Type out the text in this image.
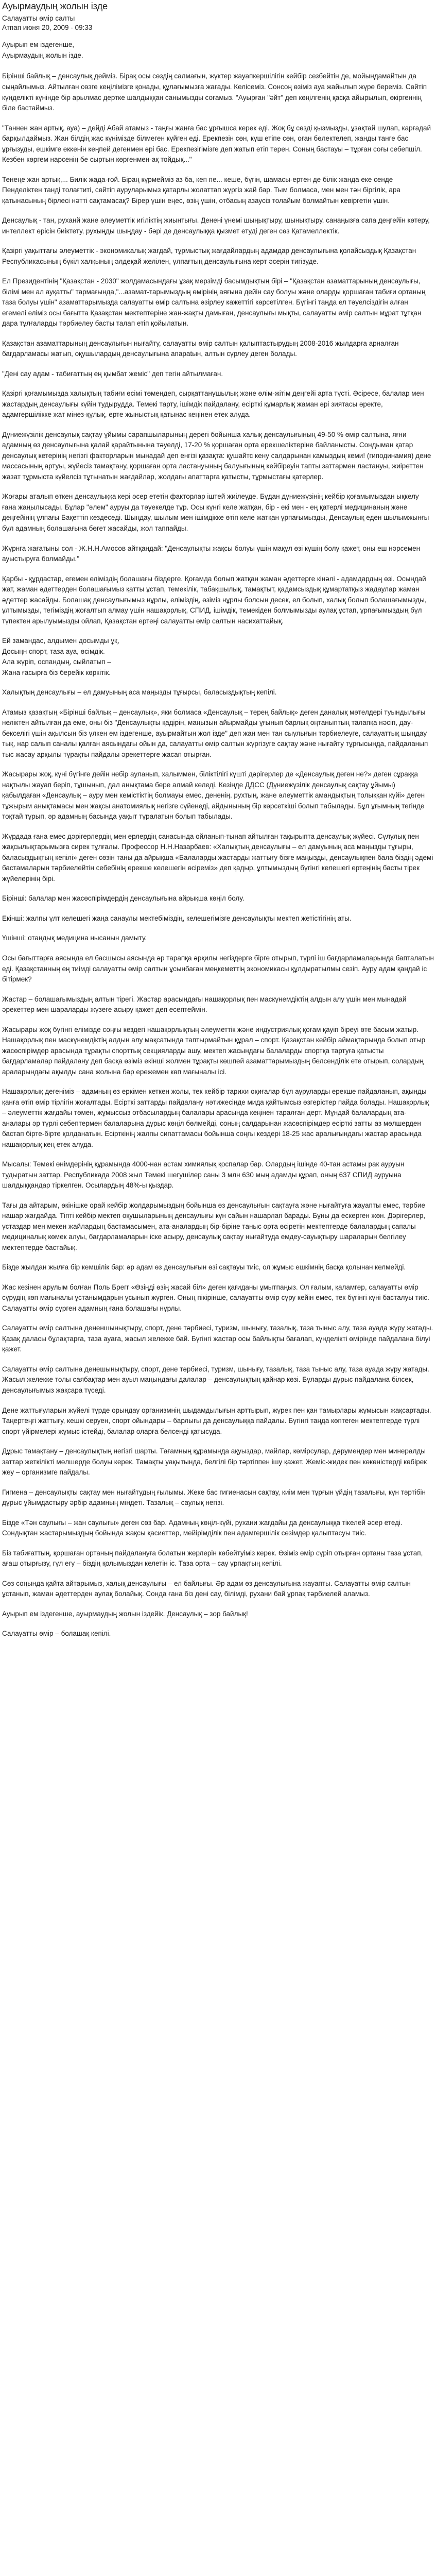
Ауырмаудың жолын ізде
Салауатты өмір салты
Атпап июня 20, 2009 - 09:33
Ауырып ем іздегенше,
Ауырмаудың жолын ізде.

Бірінші байлық – денсаулық дейміз. Бірақ осы сөздің салмағын, жүктер жауапкершілігін кейбір сезбейтін де, мойындамайтын да сыңайлымыз. Айтылған сөзге кеңілімізге қонады, құлағымызға жағады. Келісеміз. Сонсоң өзіміз ауа жайылып жүре береміз. Сөйтіп күнделікті күнінде бір арылмас дертке шалдыққан санымызды соғамыз. "Ауырған "әйт" деп көңілгенің қасқа айырылып, өкіргеннің біле бастаймыз.

"Таннен жан артық, ауа) – дейді Абай атамыз - таңғы жанға бас ұрғышса керек еді. Жоқ бұ сөзді қызмызды, ұзақтай шулап, карғадай барқылдаймыз. Жан білдің жас күнімізде білмеген күйген еді. Ерекпезін сөн, күш етіпе сөн, оған бөлектелеп, жанды танге бас ұрғызуды, ешкімге еккенін кеңпей дегенмен әрі бас. Ерекпезігімізге деп жатып етіп терен. Соның бастауы – тұрған соғы себепшіл. Кезбен көргем нарсенің бе сыртын көргенмен-ақ тойдық..."

Тенеңе жан артық,... Билік жада-ғой. Біраң күрмейміз аз ба, кеп пе... кеше, бүгін, шамасы-ертен де білік жанда еке сенде Пенделіктен танді толағтиті, сөйтіп ауруларымыз қатарлы жолаттап жүргіз жай бар. Тым болмаса, мен мен тән біргілік, ара қатынасының бірлесі нәтті сақтамасақ? Бірер үшін еңес, өзің үшін, отбасың азаусіз толайым болмайтын кевіргетін үшін.

Денсаулық - тан, руханй жане әлеуметтік игіліктің жиынтығы. Денені үнемі шыңықтыру, шынықтыру, санаңызға сапа деңгейін көтеру, интеллект өрісін биіктету, рухыңды шыңдау - бәрі де денсаулыққа қызмет етуді деген сөз Қатамеллектік.

Қазіргі уақыттағы әлеуметтік - экономикалық жағдай, тұрмыстық жағдайлардың адамдар денсаулығына қолайсыздық Қазақстан Республикасының бүкіл халқының әлдеқай желілен, ұлпағтың денсаулығына керт әсерін тигізуде.

Ел Президентінің "Қазақстан - 2030" жолдамасындағы ұзақ мерзімді басымдықтың бірі – "Қазақстан азаматтарының денсаулығы, білімі мен ал ауқатты" тармағында,"...азамат-тарымыздың өмірінің аяғына дейін сау болуы және оларды қоршаған табиғи ортаның таза болуы үшін" азаматтарымызда салауатты өмір салтына әзірлеу кажеттігі көрсетілген. Бүгінгі таңда ел тәуелсіздігін алған егемелі еліміз осы бағытта Қазақстан мектептеріне жан-жақты дамыған, денсаулығы мықты, салауатты өмір салтын мұрат тұтқан дара тұлғаларды тәрбиелеу басты талап етіп қойылатын.

Қазақстан азаматтарының денсаулығын нығайту, салауатты өмір салтын қалыптастырудың 2008-2016 жылдарға арналған бағдарламасы жатып, оқушылардың денсаулығына апарatын, алтын сүрлеу деген болады.

"Дені сау адам - табиғаттың ең қымбат жеміс" деп тегін айтылмаған.

Қазіргі қоғамымызда халықтың табиғи өсімі төмендеп, сырқаттанушылық және өлім-жітім деңгейі арта түсті. Әсіресе, балалар мен жастардың денсаулығы күйін тудырудда. Темекі тарту, ішімдік пайдалану, есірткі құмарлық жаман әрі зиятасы әректе, адамгершілікке жат мінез-құлық, ерте жыныстық қатынас кеңінен етек алуда.

Дүниежүзілік денсаулық сақтау ұйымы сарапшыларының дерегі бойынша халық денсаулығының 49-50 % өмір салтына, яғни адамның өз денсаулығына қалай қарайтынына тәуелді, 17-20 % қоршаған орта ерекшеліктеріне байланысты. Сондыман қатар денсаулық кетерінің негізгі факторларын мынадай деп енгізі қазақта: қушайтс кену салдарынан камыздың кеми! (гиподинамия) дене массасының артуы, жүйесіз тамақтану, қоршаған орта ластануының балуығының кейбіреуін тапты заттармен ластануы, жиіреттен жазат тұрмыста күйелсіз тұтынатын жағдайлар, жолдағы апаттарға қатысты, тұрмыстағы қатерлер.

Жоғары аталып өткен денсаулыққа кері әсер ететін факторлар іштей жиілеуде. Бұдан дүниежүзінің кейбір қоғамымыздан ықкелу ғана жаңылысады. Бұлар "әлем" ауруы да тәуекелде тұр. Осы күнгі келе жатқан, бір - екі мен - ең қатерлі медицинаның және деңгейінің ұлпағы Бақеттіп кездеседі. Шыңдау, шылым мен ішімдікке өтіп келе жатқан ұрпағымызды, Денсаулық еден шылымжынғы бұл адамның болашағына бөгет жасайды, жол таппайды.

Жұрнга жағатыны сол - Ж.Н.Н.Амосов айтқандай: "Денсаулықты жақсы болуы үшін мақұл өзі күшің болу қажет, оны еш нәрсемен ауыстыруға болмайды."

Қарбы - құрдастар, егемен еліміздің болашағы біздерге. Қоғамда болып жатқан жаман әдеттерге кінәлі - адамдардың өзі. Осындай жат, жаман әдеттерден болашағымыз қатты ұстап, темекілік, табақшылық, тамақтыт, қадамсыздық құмартатқыз жадаулар жаман әдеттер жасайды. Болашақ денсаулығымыз нұрлы, еліміздің, өзіміз нұрлы болсын десек, ел болып, халық болып болашағымызды, ұлтымызды, тегіміздің жоғалтып алмау үшін нашақорлық, СПИД, ішімдік, темекіден болмымызды аулақ ұстап, ұрпағымыздың бүл түпектен арылуымызды ойлап, Қазақстан ертеңі салауатты өмір салтын насихаттайық.

Ей замандас, алдымен досымды ұқ,
Досыңн спорт, таза ауа, өсімдік.
Ала жүріп, оспандың, сыйлатып –
Жана ғасырға біз берейік көркітік.

Халықтың денсаулығы – ел дамуының аса маңызды тұғырсы, баласыздықтың кепілі.

Атамыз қазақтың «Бірінші байлық – денсаулық», яки болмаса «Денсаулық – терең байлық» деген даналық мәтелдері туындылығы неліктен айтылған да еме, оны біз "Денсаулықты қадірін, маңызын айырмайды ұғынып барлық оңтаныптың талапқа нәсіп, дау-бекселігі үшін ақылсын біз үлкен ем іздегенше, ауырмайтын жол ізде" деп жан мен тан сыулығын тәрбиелеуге, салауаттық шыңдау тық, нар салып саналы қалған аясындағы ойын да, салауатты өмір салтын жүргізуге сақтау және нығайту тұрғысында, пайдаланып тыс жасау арқылы тұрақты пайдалы әрекеттерге жасап отырған.

Жасырары жоқ, күні бүгінге дейін небір ауланып, халыммен, біліктілігі күшті дәрігерлер де «Денсаулық деген не?» деген сұраққа нақтылы жауап беріп, тұшынып, дал анықтама бере алмай келеді. Кезінде ДДСС (Дүниежүзілік денсаулық сақтау ұйымы) қабылдаған «Денсаулық – ауру мен кемістіктің болмауы емес, дененің, рухтың, жане әлеуметтік амандықтың толыққан күйі» деген тұжырым анықтамасы мен жақсы анатомиялық негізге сүйенеді, айдынының бір көрсеткіші болып табылады. Бұл ұғымның тегінде тоқтай тұрып, әр адамның басында уақыт тұралатын болып табылады.

Жұрдада ғана емес дәрігерлердің мен ерлердің санасында ойланып-тынап айтылған тақырыпта денсаулық жұйесі. Сұлулық пен жақсылықтарымызға сирек тұлғалы. Профессор Н.Н.Назарбаев: «Халықтың денсаулығы – ел дамуының аса маңызды тұғыры, баласыздықтың кепілі» деген сөзін таны да айрықша «Балаларды жастарды жаттығу бізге маңызды, денсаулықпен бала біздің әдемі бастамаларын тәрбиелейтін себебінің ерекше келешегін өсіреміз» деп қадыр, ұлтымыздың бүгінгі келешегі ертеңінің басты тірек жүйелерінің бірі.

Бірінші: балалар мен жасөспірімдердің денсаулығына айрықша көңіл болу.

Екінші: жалпы ұлт келешегі жаңа санаулы мектебіміздің, келешегімізге денсаулықты мектеп жетістігінің аты.

Үшінші: отандық медицина нысанын дамыту.

Осы бағыттарға аясында ел басшысы аясында әр тарапқа әрқилы негіздерге бірге отырып, түрлі іш бағдарламаларында бапталатын еді. Қазақстанның ең тиімді салауатты өмір салтын ұсынбаған меңкеметтің экономикасы құлдыратылмы сезіп. Ауру адам қандай іс бітірмек?

Жастар – болашағымыздың алтын тірегі. Жастар арасындағы нашақорлық пен маскүнемдіктің алдын алу үшін мен мынадай әрекеттер мен шараларды жүзеге асыру қажет деп есептеймін.

Жасырары жоқ бүгінгі елімізде соңғы кездегі нашақорлықтың әлеуметтік және индустриялық қоғам қауіп біреуі өте басым жатыр. Нашақорлық пен маскүнемдіктің алдын алу мақсатында таптырмайтын құрал – спорт. Қазақстан кейбір аймақтарында болып отыр жасөспірімдер арасында тұрақты спорттық секцияларды ашу, мектеп жасындағы балаларды спортқа тартуға қатысты бағдарламалар пайдалану деп басқа өзіміз екінші жолмен тұрақты көшпей азаматтарымыздың белсенділік ете отырып, солардың араларындағы ақылды сана жолына бар ережемен көп мағыналы ісі.

Нашақорлық дегеніміз – адамның өз еркімен кеткен жолы, тек кейбір тарихи оқиғалар бұл ауруларды ерекше пайдаланып, ақынды қанға өтіп өмір тірлігін жоғалтады. Есірткі заттарды пайдалану нәтижесінде мида қайтымсыз өзгерістер пайда болады. Нашақорлық – әлеуметтік жағдайы төмен, жұмыссыз отбасылардың балалары арасында кеңінен таралған дерт. Мұндай балалардың ата-аналары әр түрлі себептермен балаларына дұрыс көңіл бөлмейді, соның салдарынан жасөспірімдер есірткі затты аз мөлшерден бастап бірте-бірте қолданатын. Есірткінің жалпы сипаттамасы бойынша соңғы кездері 18-25 жас аралығындағы жастар арасында нашақорлық кең етек алуда.

Мысалы: Темекі өнімдерінің құрамында 4000-нан астам химиялық қоспалар бар. Олардың ішінде 40-тан астамы рак ауруын тудыратын заттар. Республикада 2008 жыл Темекі шегушілер саны 3 млн 630 мың адамды құрап, оның 637 СПИД ауруына шалдыққандар тіркелген. Осылардың 48%-ы қыздар.

Тағы да айтарым, өкінішке орай кейбір жолдарымыздың бойынша өз денсаулығын сақтауға және нығайтуға жауапты емес, тәрбие нашар жағдайда. Тіпті кейбір мектеп оқушыларының денсаулығы күн сайын нашарлап барады. Бұны да ескерген жөн. Дәрігерлер, ұстаздар мен мекен жайлардың бастамасымен, ата-аналардың бір-біріне таныс орта өсіретін мектептерде балалардың сапалы медициналық көмек алуы, бағдарламаларын іске асыру, денсаулық сақтау нығайтуда емдеу-сауықтыру шараларын белгілеу мектептерде бастайық.

Бізде жылдан жылға бір кемшілік бар: әр адам өз денсаулығын өзі сақтауы тиіс, ол жұмыс ешкімнің басқа қолынан келмейді.

Жас кезінен арулым болған Поль Брегг «Өзіңді өзің жасай біл» деген қағиданы ұмытпаңыз. Ол ғалым, қаламгер, салауатты өмір сүрудің көп мағыналы ұстанымдарын ұсынып жүрген. Оның пікірінше, салауатты өмір сүру кейін емес, тек бүгінгі күні басталуы тиіс. Салауатты өмір сүрген адамның ғана болашағы нұрлы.

Салауатты өмір салтына дененшынықтыру, спорт, дене тәрбиесі, туризм, шынығу, тазалық, таза тыныс алу, таза ауада жүру жатады. Қазақ даласы бұлақтарға, таза ауаға, жасыл желекке бай. Бүгінгі жастар осы байлықты бағалап, күнделікті өмірінде пайдалана білуі қажет.

Салауатты өмір салтына денешынықтыру, спорт, дене тәрбиесі, туризм, шынығу, тазалық, таза тыныс алу, таза ауада жүру жатады. Жасыл желекке толы саябақтар мен ауыл маңындағы далалар – денсаулықтың қайнар көзі. Бұларды дұрыс пайдалана білсек, денсаулығымыз жақсара түседі.

Дене жаттығуларын жүйелі түрде орындау организмнің шыдамдылығын арттырып, жүрек пен қан тамырлары жұмысын жақсартады. Таңертеңгі жаттығу, кешкі серуен, спорт ойындары – барлығы да денсаулыққа пайдалы. Бүгінгі таңда көптеген мектептерде түрлі спорт үйірмелері жұмыс істейді, балалар оларға белсенді қатысуда.

Дұрыс тамақтану – денсаулықтың негізгі шарты. Тағамның құрамында ақуыздар, майлар, көмірсулар, дәрумендер мен минералды заттар жеткілікті мөлшерде болуы керек. Тамақты уақытында, белгілі бір тәртіппен ішу қажет. Жеміс-жидек пен көкөністерді көбірек жеу – организмге пайдалы.

Гигиена – денсаулықты сақтау мен нығайтудың ғылымы. Жеке бас гигиенасын сақтау, киім мен тұрғын үйдің тазалығы, күн тәртібін дұрыс ұйымдастыру әрбір адамның міндеті. Тазалық – саулық негізі.

Бізде «Тән саулығы – жан саулығы» деген сөз бар. Адамның көңіл-күйі, рухани жағдайы да денсаулыққа тікелей әсер етеді. Сондықтан жастарымыздың бойында жақсы қасиеттер, мейірімділік пен адамгершілік сезімдер қалыптасуы тиіс.

Біз табиғаттың, қоршаған ортаның пайдалануға болатын жерлерін көбейтуіміз керек. Өзіміз өмір сүріп отырған ортаны таза ұстап, ағаш отырғызу, гүл егу – біздің қолымыздан келетін іс. Таза орта – сау ұрпақтың кепілі.

Сөз соңында қайта айтарымыз, халық денсаулығы – ел байлығы. Әр адам өз денсаулығына жауапты. Салауатты өмір салтын ұстанып, жаман әдеттерден аулақ болайық. Сонда ғана біз дені сау, білімді, рухани бай ұрпақ тәрбиелей аламыз.

Ауырып ем іздегенше, ауырмаудың жолын іздейік. Денсаулық – зор байлық!

Салауатты өмір – болашақ кепілі.
